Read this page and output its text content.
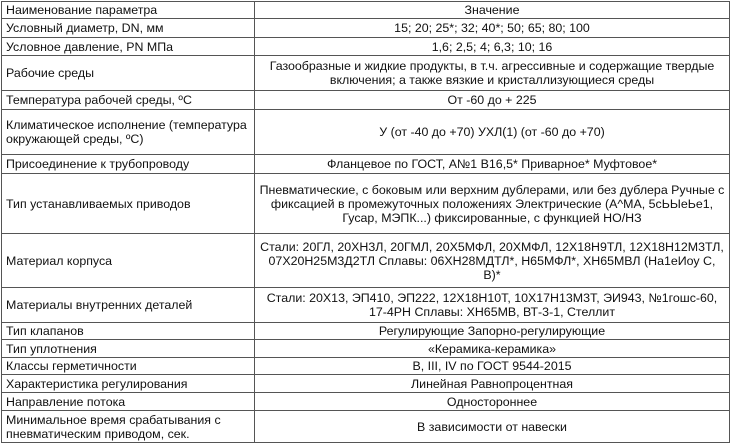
Наименование параметра	Значение
Условный диаметр, DN, мм	15; 20; 25*; 32; 40*; 50; 65; 80; 100
Условное давление, PN МПа	1,6; 2,5; 4; 6,3; 10; 16
Рабочие среды	Газообразные и жидкие продукты, в т.ч. агрессивные и содержащие твердые включения; а также вязкие и кристаллизующиеся среды
Температура рабочей среды, ºС	От -60 до + 225
Климатическое исполнение (температура окружающей среды, ºС)	У (от -40 до +70) УХЛ(1) (от -60 до +70)
Присоединение к трубопроводу	Фланцевое по ГОСТ, А№1 В16,5* Приварное* Муфтовое*
Тип устанавливаемых приводов	Пневматические, с боковым или верхним дублерами, или без дублера Ручные с фиксацией в промежуточных положениях Электрические (А^МА, 5сЬЫеЬе1, Гусар, МЭПК...) фиксированные, с функцией НО/НЗ
Материал корпуса	Стали: 20ГЛ, 20ХН3Л, 20ГМЛ, 20Х5МФЛ, 20ХМФЛ, 12Х18Н9ТЛ, 12Х18Н12М3ТЛ, 07Х20Н25М3Д2ТЛ Сплавы: 06ХН28МДТЛ*, Н65МФЛ*, ХН65МВЛ (На1еИоу С, В)*
Материалы внутренних деталей	Стали: 20Х13, ЭП410, ЭП222, 12Х18Н10Т, 10Х17Н13М3Т, ЭИ943, №1гошс-60, 17-4РН Сплавы: ХН65МВ, ВТ-3-1, Стеллит
Тип клапанов	Регулирующие Запорно-регулирующие
Тип уплотнения	«Керамика-керамика»
Классы герметичности	В, III, IV по ГОСТ 9544-2015
Характеристика регулирования	Линейная Равнопроцентная
Направление потока	Одностороннее
Минимальное время срабатывания с пневматическим приводом, сек.	В зависимости от навески
